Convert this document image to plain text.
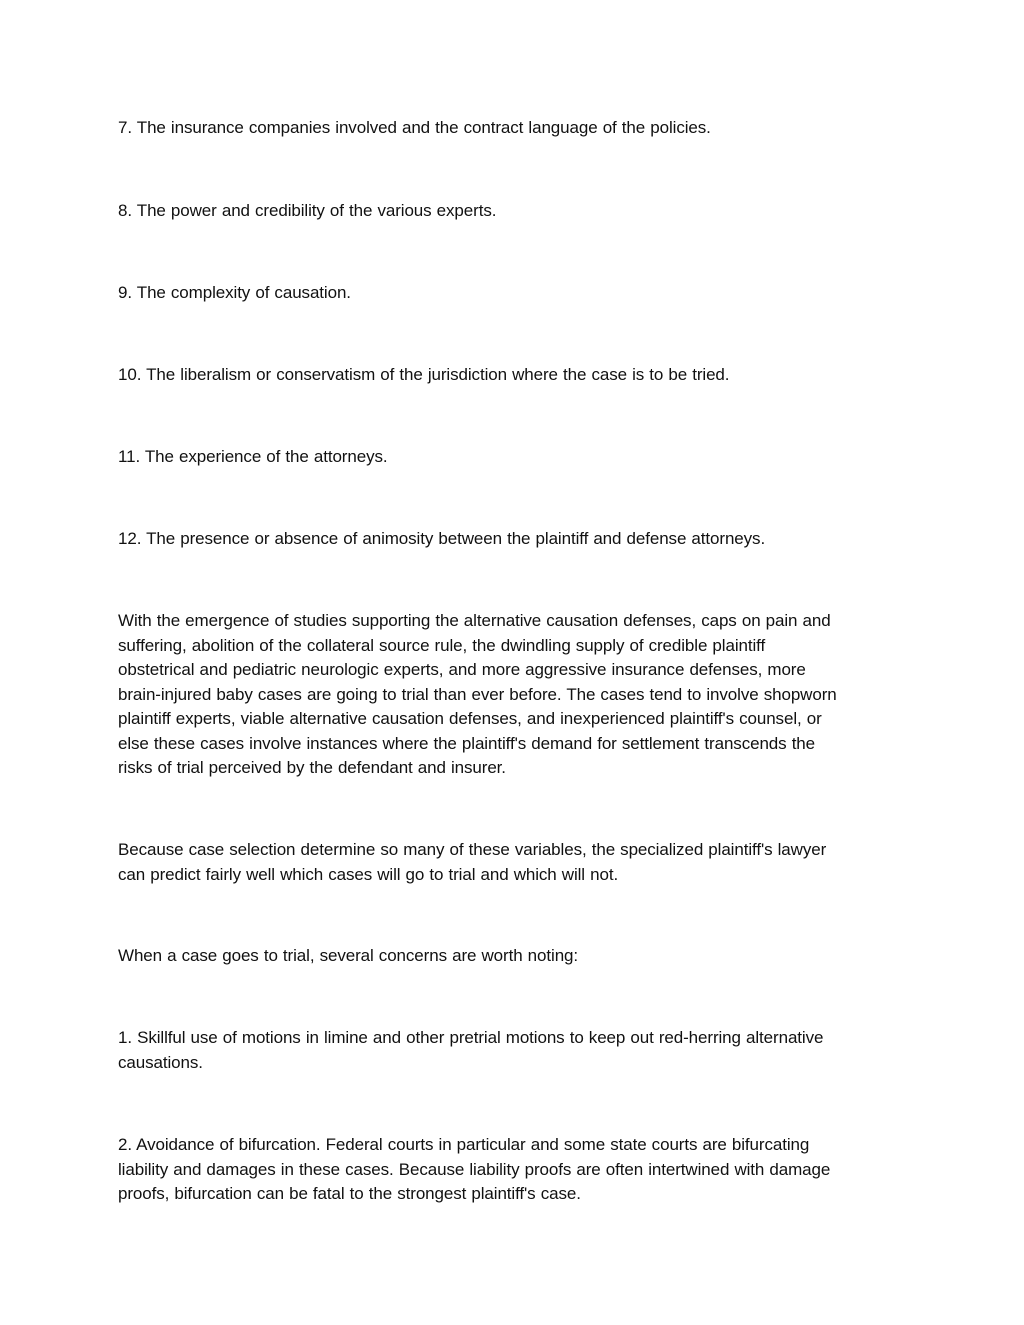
7. The insurance companies involved and the contract language of the policies.

8. The power and credibility of the various experts.

9. The complexity of causation.

10. The liberalism or conservatism of the jurisdiction where the case is to be tried.

11. The experience of the attorneys.

12. The presence or absence of animosity between the plaintiff and defense attorneys.

With the emergence of studies supporting the alternative causation defenses, caps on pain and
suffering, abolition of the collateral source rule, the dwindling supply of credible plaintiff
obstetrical and pediatric neurologic experts, and more aggressive insurance defenses, more
brain-injured baby cases are going to trial than ever before. The cases tend to involve shopworn
plaintiff experts, viable alternative causation defenses, and inexperienced plaintiff's counsel, or
else these cases involve instances where the plaintiff's demand for settlement transcends the
risks of trial perceived by the defendant and insurer.

Because case selection determine so many of these variables, the specialized plaintiff's lawyer
can predict fairly well which cases will go to trial and which will not.

When a case goes to trial, several concerns are worth noting:

1. Skillful use of motions in limine and other pretrial motions to keep out red-herring alternative
causations.

2. Avoidance of bifurcation. Federal courts in particular and some state courts are bifurcating
liability and damages in these cases. Because liability proofs are often intertwined with damage
proofs, bifurcation can be fatal to the strongest plaintiff's case.
